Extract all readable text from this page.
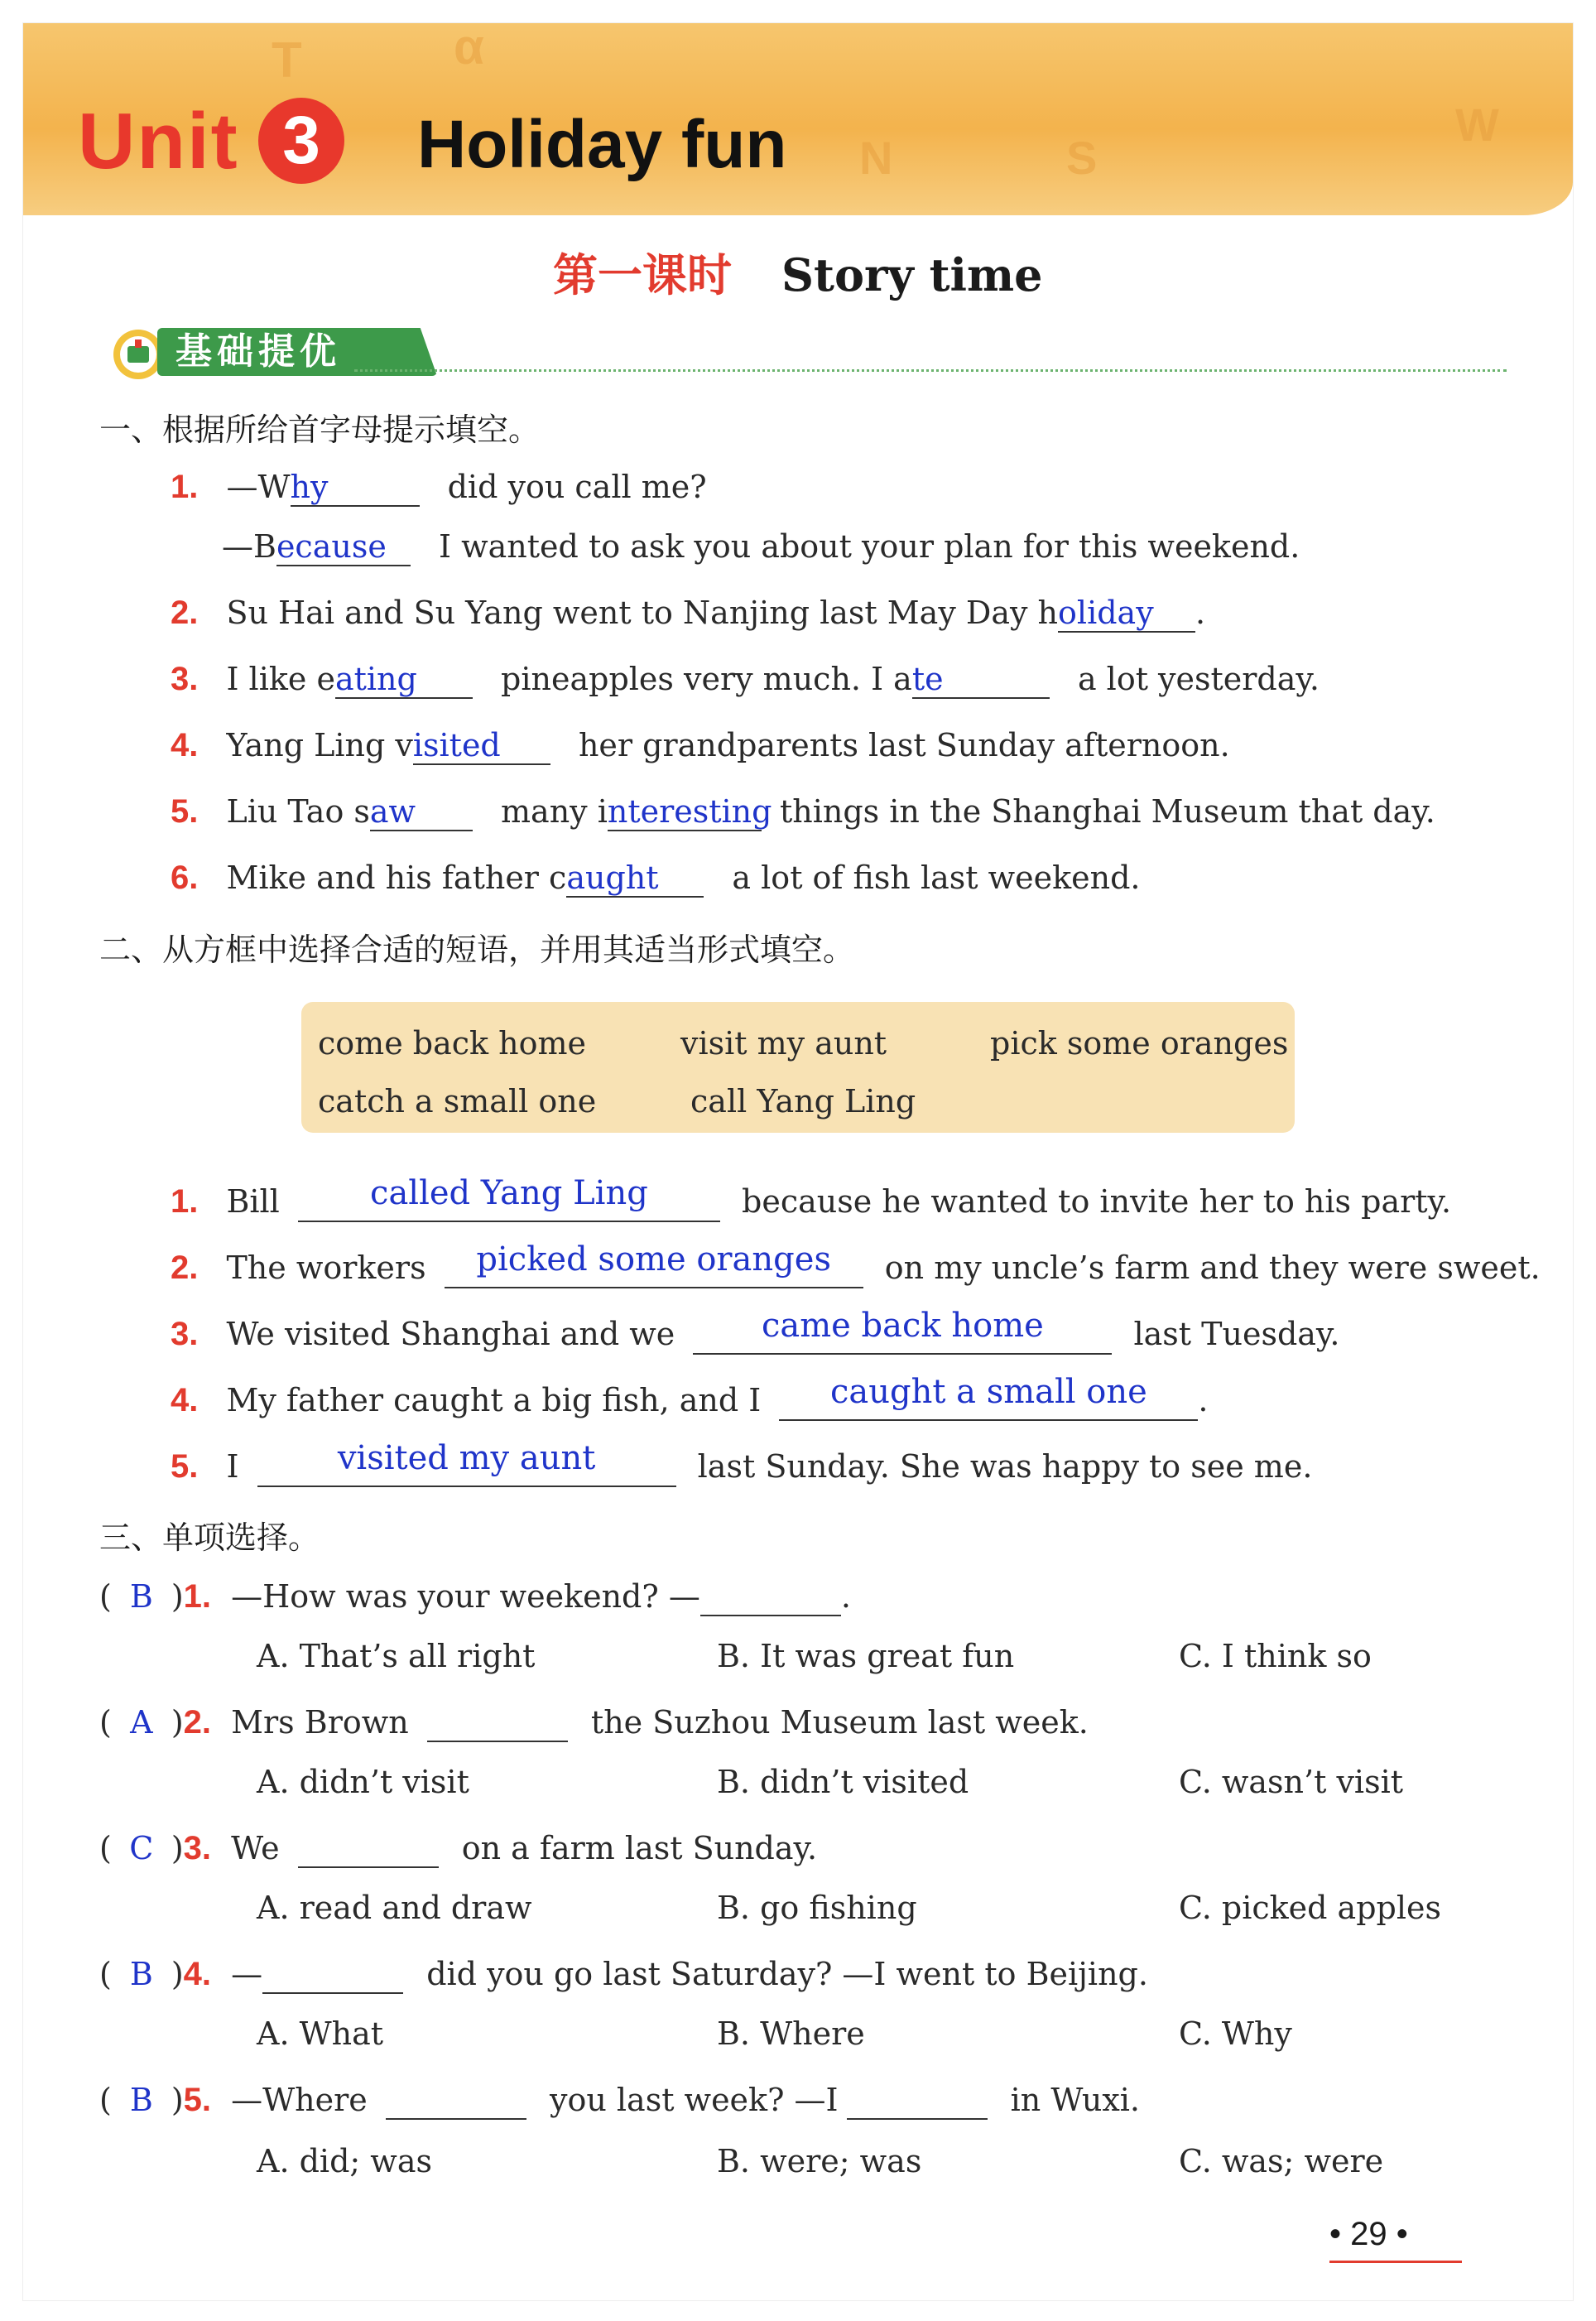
T	α
N	S
W
Unit 3	Holiday fun
第一课时 Story time
基础提优
一、根据所给首字母提示填空。
1. —Why	did you call me?
—Because I wanted to ask you about your plan for this weekend.
2. Su Hai and Su Yang went to Nanjing last May Day holiday .
3. I like eating	pineapples very much. I ate	a lot yesterday.
4. Yang Ling visited her grandparents last Sunday afternoon.
5. Liu Tao saw	many interesting things in the Shanghai Museum that day.
6. Mike and his father caught a lot of fish last weekend.
二、从方框中选择合适的短语，并用其适当形式填空。
come back home	visit my aunt	pick some oranges
catch a small one	call Yang Ling
1. Bill	called Yang Ling	because he wanted to invite her to his party.
2. The workers picked some oranges on my uncle’s farm and they were sweet.
3. We visited Shanghai and we	came back home	last Tuesday.
4. My father caught a big fish, and I caught a small one .
5. I	visited my aunt	last Sunday. She was happy to see me.
三、单项选择。
( B )1. —How was your weekend? —	.
A. That’s all right	B. It was great fun	C. I think so
( A )2. Mrs Brown	the Suzhou Museum last week.
A. didn’t visit	B. didn’t visited	C. wasn’t visit
( C )3. We	on a farm last Sunday.
A. read and draw	B. go fishing	C. picked apples
( B )4. —	did you go last Saturday? —I went to Beijing.
A. What	B. Where	C. Why
( B )5. —Where	you last week? —I	in Wuxi.
A. did; was	B. were; was	C. was; were
• 29 •
